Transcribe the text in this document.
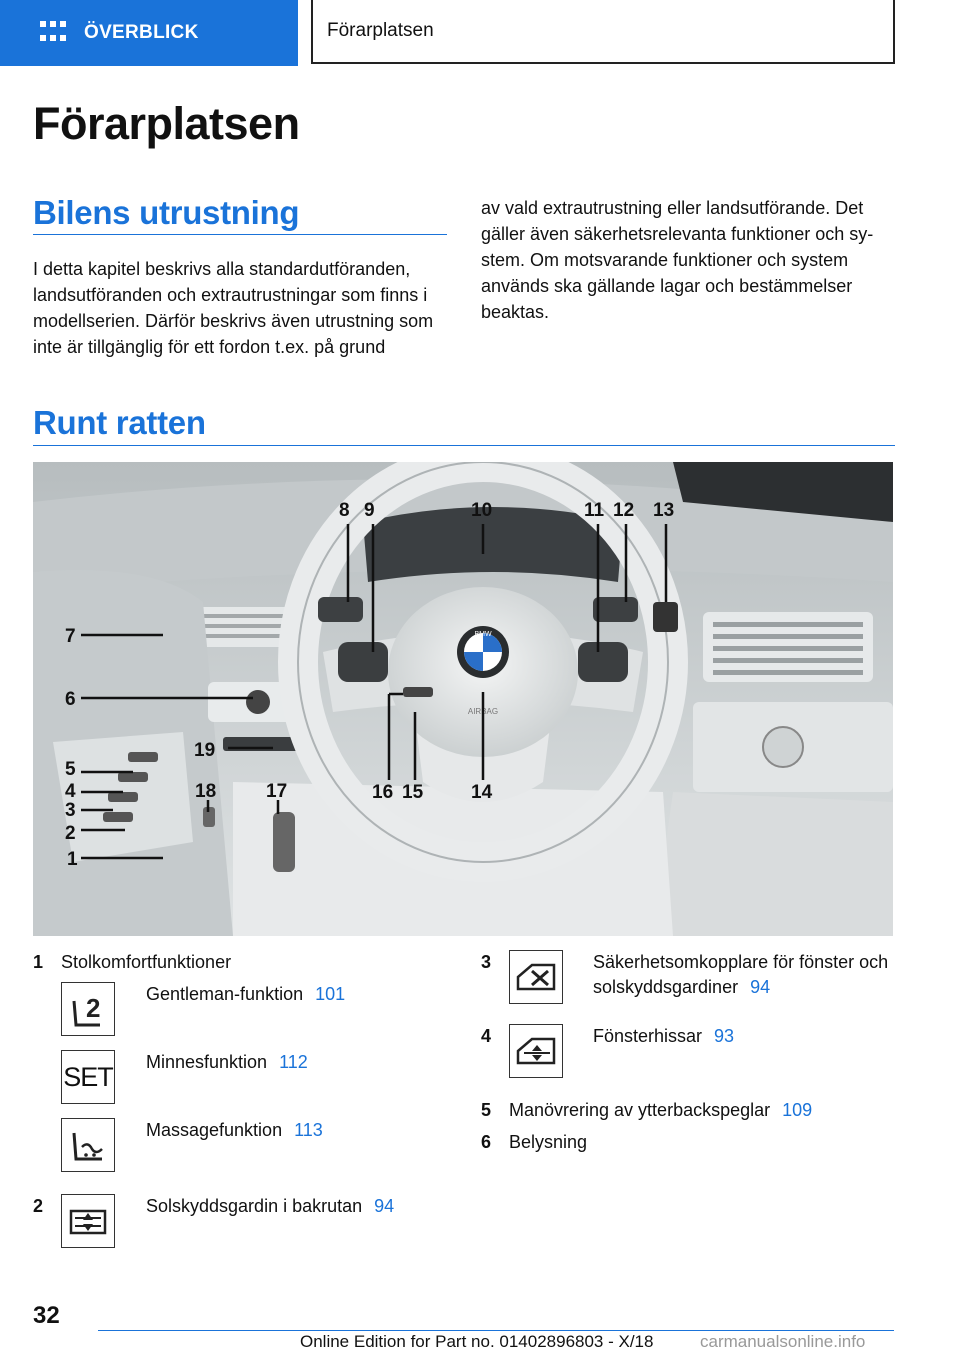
ÖVERBLICK	Förarplatsen
Förarplatsen
Bilens utrustning

I detta kapitel beskrivs alla standardutföranden, landsutföranden och extrautrustningar som finns i modellserien. Därför beskrivs även utrustning som inte är tillgänglig för ett fordon t.ex. på grund

av vald extrautrustning eller landsutförande. Det gäller även säkerhetsrelevanta funktioner och system. Om motsvarande funktioner och system används ska gällande lagar och bestämmelser beaktas.

Runt ratten
BMW
AIRBAG
1
2
3
4
5
6
7
8 9	10	11 12 13
14
15
16
17
18
19
1 Stolkomfortfunktioner
2	Gentleman-funktion 101
SET Minnesfunktion 112
Massagefunktion 113
2	Solskyddsgardin i bakrutan 94
3	Säkerhetsomkopplare för fönster och solskyddsgardiner 94
4	Fönsterhissar 93
5 Manövrering av ytterbackspeglar 109
6 Belysning
32
Online Edition for Part no. 01402896803 - X/18	carmanualsonline.info
